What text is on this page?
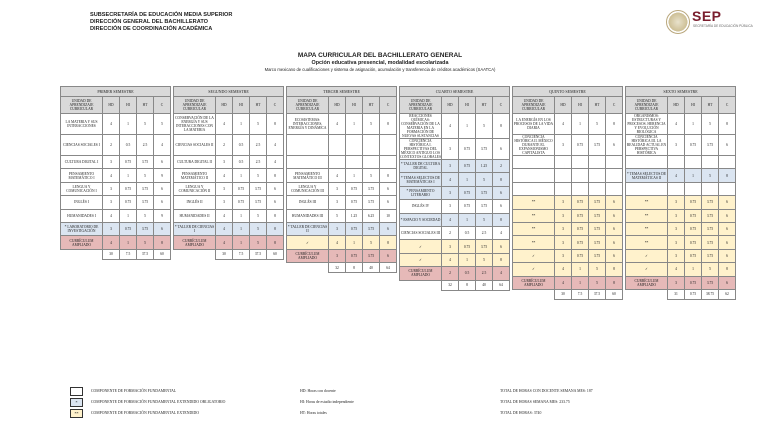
SUBSECRETARÍA DE EDUCACIÓN MEDIA SUPERIOR
DIRECCIÓN GENERAL DEL BACHILLERATO
DIRECCIÓN DE COORDINACIÓN ACADÉMICA
SEP
SECRETARÍA DE EDUCACIÓN PÚBLICA
MAPA CURRICULAR DEL BACHILLERATO GENERAL
Opción educativa presencial, modalidad escolarizada
Marco mexicano de cualificaciones y sistema de asignación, acumulación y transferencia de créditos académicos (SAATCA)
PRIMER SEMESTRE				
UNIDAD DE APRENDIZAJE CURRICULAR	HD	HI	HT	C
LA MATERIA Y SUS INTERACCIONES	4	1	5	5
CIENCIAS SOCIALES I	2	0.5	2.5	4
CULTURA DIGITAL I	3	0.75	3.75	6
PENSAMIENTO MATEMÁTICO I	4	1	5	9
LENGUA Y COMUNICACIÓN I	3	0.75	3.75	6
INGLÉS I	3	0.75	3.75	6
HUMANIDADES I	4	1	5	9
* LABORATORIO DE INVESTIGACIÓN	3	0.75	3.75	6
CURRÍCULUM AMPLIADO	4	1	5	8
	30	7.5	37.5	60
SEGUNDO SEMESTRE				
UNIDAD DE APRENDIZAJE CURRICULAR	HD	HI	HT	C
CONSERVACIÓN DE LA ENERGÍA Y SUS INTERACCIONES CON LA MATERIA	4	1	5	8
CIENCIAS SOCIALES II	2	0.5	2.5	4
CULTURA DIGITAL II	3	0.5	2.5	4
PENSAMIENTO MATEMÁTICO II	4	1	5	8
LENGUA Y COMUNICACIÓN II	3	0.75	3.75	6
INGLÉS II	3	0.75	3.75	6
HUMANIDADES II	4	1	5	8
* TALLER DE CIENCIAS I	4	1	5	8
CURRÍCULUM AMPLIADO	4	1	5	8
	30	7.5	37.5	60
TERCER SEMESTRE				
UNIDAD DE APRENDIZAJE CURRICULAR	HD	HI	HT	C
ECOSISTEMAS: INTERACCIONES, ENERGÍA Y DINÁMICA	4	1	5	8

PENSAMIENTO MATEMÁTICO III	4	1	5	8
LENGUA Y COMUNICACIÓN III	3	0.75	3.75	6
INGLÉS III	3	0.75	3.75	6
HUMANIDADES III	5	1.25	6.25	10
* TALLER DE CIENCIAS II	3	0.75	3.75	6
✓	4	1	5	8
CURRÍCULUM AMPLIADO	3	0.75	3.75	6
	32	8	40	64
CUARTO SEMESTRE				
UNIDAD DE APRENDIZAJE CURRICULAR	HD	HI	HT	C
REACCIONES QUÍMICAS: CONSERVACIÓN DE LA MATERIA EN LA FORMACIÓN DE NUEVAS SUSTANCIAS	4	1	5	8
CONCIENCIA HISTÓRICA I. PERSPECTIVAS DEL MÉXICO ANTIGUO LOS CONTEXTOS GLOBALES	3	0.75	3.75	6
* TALLER DE CULTURA DIGITAL	3	0.75	1.25	2
* TEMAS SELECTOS DE MATEMÁTICAS I	4	1	5	8
* PENSAMIENTO LITERARIO	3	0.75	3.75	6
INGLÉS IV	3	0.75	3.75	6
* ESPACIO Y SOCIEDAD	4	1	5	8
CIENCIAS SOCIALES III	2	0.5	2.5	4
✓	3	0.75	3.75	6
✓	4	1	5	8
CURRÍCULUM AMPLIADO	2	0.5	2.5	4
	32	8	40	64
QUINTO SEMESTRE				
UNIDAD DE APRENDIZAJE CURRICULAR	HD	HI	HT	C
LA ENERGÍA EN LOS PROCESOS DE LA VIDA DIARIA	4	1	5	8
CONCIENCIA HISTÓRICA II. MÉXICO DURANTE EL EXPANSIONISMO CAPITALISTA	3	0.75	3.75	6

**	3	0.75	3.75	6
**	3	0.75	3.75	6
**	3	0.75	3.75	6
**	3	0.75	3.75	6
✓	3	0.75	3.75	6
✓	4	1	5	8
CURRÍCULUM AMPLIADO	4	1	5	8
	30	7.5	37.5	60
SEXTO SEMESTRE				
UNIDAD DE APRENDIZAJE CURRICULAR	HD	HI	HT	C
ORGANISMOS: ESTRUCTURAS Y PROCESOS. HERENCIA Y EVOLUCIÓN BIOLÓGICA	4	1	5	8
CONCIENCIA HISTÓRICA III. LA REALIDAD ACTUAL EN PERSPECTIVA HISTÓRICA	3	0.75	3.75	6

* TEMAS SELECTOS DE MATEMÁTICAS II	4	1	5	8

**	3	0.75	3.75	6
**	3	0.75	3.75	6
**	3	0.75	3.75	6
**	3	0.75	3.75	6
✓	3	0.75	3.75	6
✓	4	1	5	8
CURRÍCULUM AMPLIADO	3	0.75	3.75	6
	31	0.75	38.75	62
COMPONENTE DE FORMACIÓN FUNDAMENTAL
*	COMPONENTE DE FORMACIÓN FUNDAMENTAL EXTENDIDO OBLIGATORIO
**	COMPONENTE DE FORMACIÓN FUNDAMENTAL EXTENDIDO
HD: Horas con docente
HI: Horas de estudio independiente
HT: Horas totales
TOTAL DE HORAS CON DOCENTE SEMANA MES: 187
TOTAL DE HORAS SEMANA MES: 233.75
TOTAL DE HORAS: 3740
